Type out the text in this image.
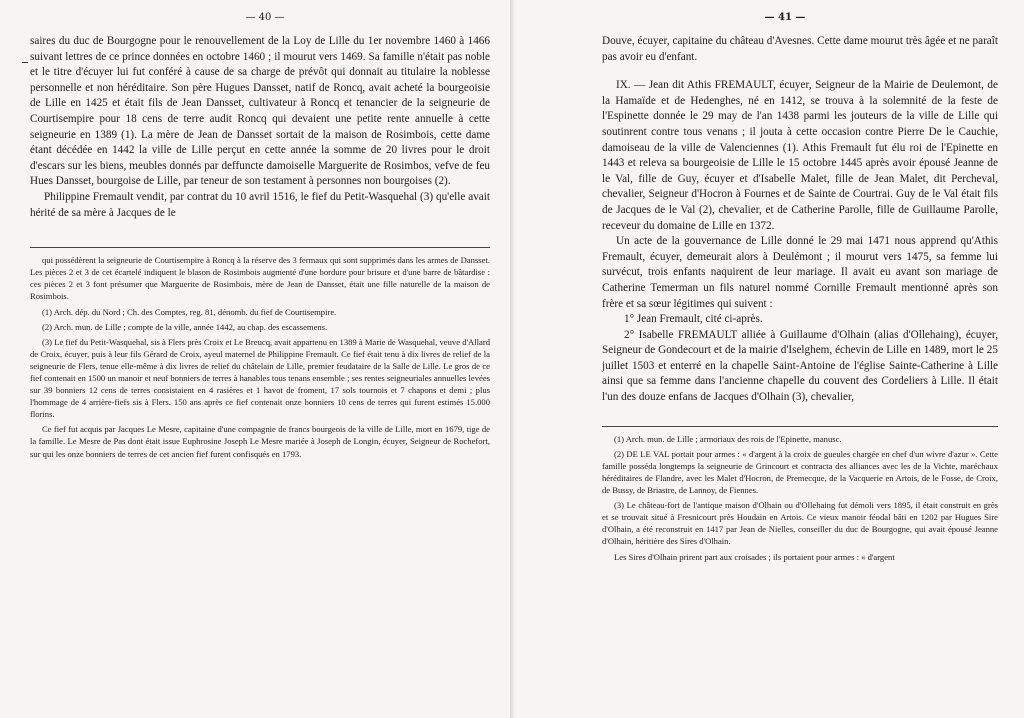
— 40 —

saires du duc de Bourgogne pour le renouvellement de la Loy de Lille du 1er novembre 1460 à 1466 suivant lettres de ce prince données en octobre 1460 ; il mourut vers 1469. Sa famille n'était pas noble et le titre d'écuyer lui fut conféré à cause de sa charge de prévôt qui donnait au titulaire la noblesse personnelle et non héréditaire. Son père Hugues Dansset, natif de Roncq, avait acheté la bourgeoisie de Lille en 1425 et était fils de Jean Dansset, cultivateur à Roncq et tenancier de la seigneurie de Courtisempire pour 18 cens de terre audit Roncq qui devaient une petite rente annuelle à cette seigneurie en 1389 (1). La mère de Jean de Dansset sortait de la maison de Rosimbois, cette dame étant décédée en 1442 la ville de Lille perçut en cette année la somme de 20 livres pour le droit d'escars sur les biens, meubles donnés par deffuncte damoiselle Marguerite de Rosimbos, vefve de feu Hues Dansset, bourgoise de Lille, par teneur de son testament à personnes non bourgoises (2).

Philippine Fremault vendit, par contrat du 10 avril 1516, le fief du Petit-Wasquehal (3) qu'elle avait hérité de sa mère à Jacques de le

qui possédèrent la seigneurie de Courtisempire à Roncq à la réserve des 3 fermaux qui sont supprimés dans les armes de Dansset. Les pièces 2 et 3 de cet écartelé indiquent le blason de Rosimbois augmenté d'une bordure pour brisure et d'une barre de bâtardise : ces pièces 2 et 3 font présumer que Marguerite de Rosimbois, mère de Jean de Dansset, était une fille naturelle de la maison de Rosimbois.

(1) Arch. dép. du Nord ; Ch. des Comptes, reg. 81, dénomb. du fief de Courtisempire.

(2) Arch. mun. de Lille ; compte de la ville, année 1442, au chap. des escassemens.

(3) Le fief du Petit-Wasquehal, sis à Flers près Croix et Le Breucq, avait appartenu en 1389 à Marie de Wasquehal, veuve d'Allard de Croix, écuyer, puis à leur fils Gérard de Croix, ayeul maternel de Philippine Fremault. Ce fief était tenu à dix livres de relief de la seigneurie de Flers, tenue elle-même à dix livres de relief du châtelain de Lille, premier feudataire de la Salle de Lille. Le gros de ce fief contenait en 1500 un manoir et neuf bonniers de terres à hanables tous tenans ensemble ; ses rentes seigneuriales annuelles levées sur 39 bonniers 12 cens de terres consistaient en 4 rasières et 1 havot de froment, 17 sols tournois et 7 chapons et demi ; plus l'hommage de 4 arrière-fiefs sis à Flers. 150 ans après ce fief contenait onze bonniers 10 cens de terres qui furent estimés 15.000 florins.

Ce fief fut acquis par Jacques Le Mesre, capitaine d'une compagnie de francs bourgeois de la ville de Lille, mort en 1679, tige de la famille. Le Mesre de Pas dont était issue Euphrosine Joseph Le Mesre mariée à Joseph de Longin, écuyer, Seigneur de Rochefort, sur qui les onze bonniers de terres de cet ancien fief furent confisqués en 1793.

— 41 —

Douve, écuyer, capitaine du château d'Avesnes. Cette dame mourut très âgée et ne paraît pas avoir eu d'enfant.

IX. — Jean dit Athis FREMAULT, écuyer, Seigneur de la Mairie de Deulemont, de la Hamaïde et de Hedenghes, né en 1412, se trouva à la solemnité de la feste de l'Espinette donnée le 29 may de l'an 1438 parmi les jouteurs de la ville de Lille qui soutinrent contre tous venans ; il jouta à cette occasion contre Pierre De le Cauchie, damoiseau de la ville de Valenciennes (1). Athis Fremault fut élu roi de l'Epinette en 1443 et releva sa bourgeoisie de Lille le 15 octobre 1445 après avoir épousé Jeanne de le Val, fille de Guy, écuyer et d'Isabelle Malet, fille de Jean Malet, dit Percheval, chevalier, Seigneur d'Hocron à Fournes et de Sainte de Courtrai. Guy de le Val était fils de Jacques de le Val (2), chevalier, et de Catherine Parolle, fille de Guillaume Parolle, receveur du domaine de Lille en 1372.

Un acte de la gouvernance de Lille donné le 29 mai 1471 nous apprend qu'Athis Fremault, écuyer, demeurait alors à Deulémont ; il mourut vers 1475, sa femme lui survécut, trois enfants naquirent de leur mariage. Il avait eu avant son mariage de Catherine Temerman un fils naturel nommé Cornille Fremault mentionné après son frère et sa sœur légitimes qui suivent :

1° Jean Fremault, cité ci-après.

2° Isabelle FREMAULT alliée à Guillaume d'Olhain (alias d'Ollehaing), écuyer, Seigneur de Gondecourt et de la mairie d'Iselghem, échevin de Lille en 1489, mort le 25 juillet 1503 et enterré en la chapelle Saint-Antoine de l'église Sainte-Catherine à Lille ainsi que sa femme dans l'ancienne chapelle du couvent des Cordeliers à Lille. Il était l'un des douze enfans de Jacques d'Olhain (3), chevalier,

(1) Arch. mun. de Lille ; armoriaux des rois de l'Epinette, manusc.

(2) DE LE VAL portait pour armes : « d'argent à la croix de gueules chargée en chef d'un wivre d'azur ». Cette famille posséda longtemps la seigneurie de Grincourt et contracta des alliances avec les de la Vichte, maréchaux héréditaires de Flandre, avec les Malet d'Hocron, de Premecque, de la Vacquerie en Artois, de le Fosse, de Croix, de Bussy, de Briastre, de Lannoy, de Fiennes.

(3) Le château-fort de l'antique maison d'Olhain ou d'Ollehaing fut démoli vers 1895, il était construit en grès et se trouvait situé à Fresnicourt près Houdain en Artois. Ce vieux manoir féodal bâti en 1202 par Hugues Sire d'Olhain, a été reconstruit en 1417 par Jean de Nielles, conseiller du duc de Bourgogne, qui avait épousé Jeanne d'Olhain, héritière des Sires d'Olhain.

Les Sires d'Olhain prirent part aux croisades ; ils portaient pour armes : « d'argent
